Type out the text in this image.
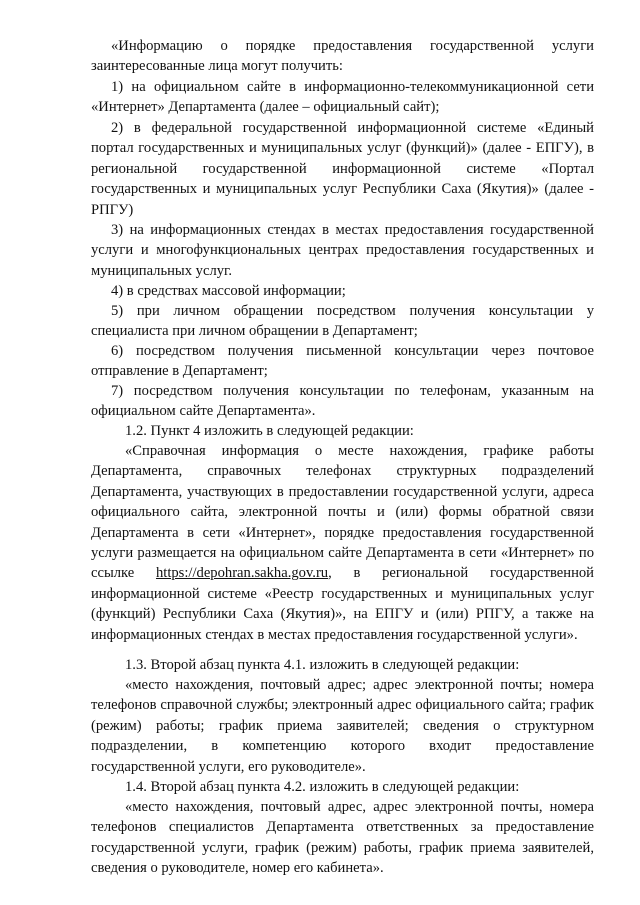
«Информацию о порядке предоставления государственной услуги заинтересованные лица могут получить:

1) на официальном сайте в информационно-телекоммуникационной сети «Интернет» Департамента (далее – официальный сайт);

2) в федеральной государственной информационной системе «Единый портал государственных и муниципальных услуг (функций)» (далее - ЕПГУ), в региональной государственной информационной системе «Портал государственных и муниципальных услуг Республики Саха (Якутия)» (далее - РПГУ)

3) на информационных стендах в местах предоставления государственной услуги и многофункциональных центрах предоставления государственных и муниципальных услуг.

4) в средствах массовой информации;

5) при личном обращении посредством получения консультации у специалиста при личном обращении в Департамент;

6) посредством получения письменной консультации через почтовое отправление в Департамент;

7) посредством получения консультации по телефонам, указанным на официальном сайте Департамента».

1.2. Пункт 4 изложить в следующей редакции:

«Справочная информация о месте нахождения, графике работы Департамента, справочных телефонах структурных подразделений Департамента, участвующих в предоставлении государственной услуги, адреса официального сайта, электронной почты и (или) формы обратной связи Департамента в сети «Интернет», порядке предоставления государственной услуги размещается на официальном сайте Департамента в сети «Интернет» по ссылке https://depohran.sakha.gov.ru, в региональной государственной информационной системе «Реестр государственных и муниципальных услуг (функций) Республики Саха (Якутия)», на ЕПГУ и (или) РПГУ, а также на информационных стендах в местах предоставления государственной услуги».

1.3. Второй абзац пункта 4.1. изложить в следующей редакции:

«место нахождения, почтовый адрес; адрес электронной почты; номера телефонов справочной службы; электронный адрес официального сайта; график (режим) работы; график приема заявителей; сведения о структурном подразделении, в компетенцию которого входит предоставление государственной услуги, его руководителе».

1.4. Второй абзац пункта 4.2. изложить в следующей редакции:

«место нахождения, почтовый адрес, адрес электронной почты, номера телефонов специалистов Департамента ответственных за предоставление государственной услуги, график (режим) работы, график приема заявителей, сведения о руководителе, номер его кабинета».
